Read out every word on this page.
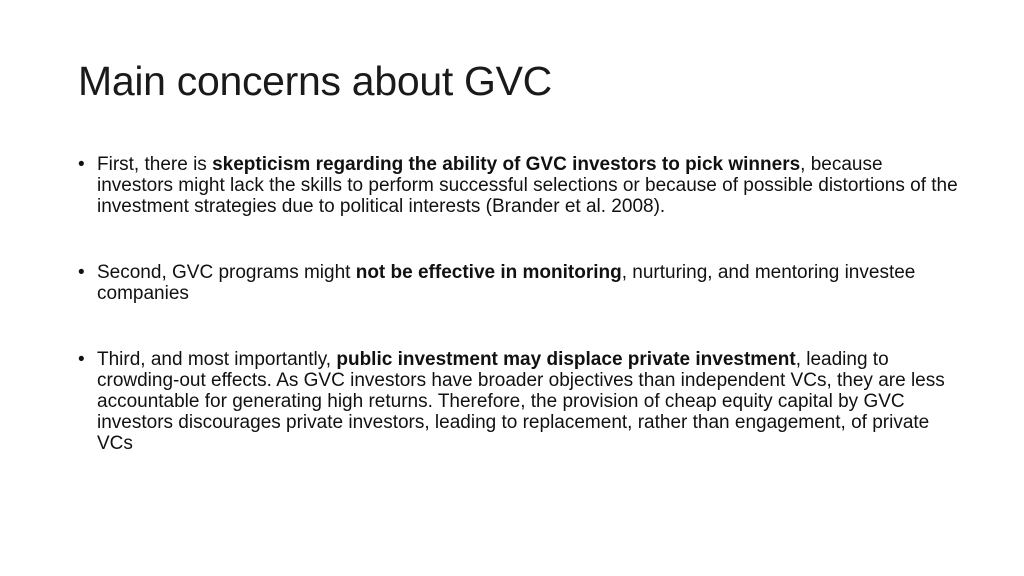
Main concerns about GVC
• First, there is skepticism regarding the ability of GVC investors to pick winners, because investors might lack the skills to perform successful selections or because of possible distortions of the investment strategies due to political interests (Brander et al. 2008).
• Second, GVC programs might not be effective in monitoring, nurturing, and mentoring investee companies
• Third, and most importantly, public investment may displace private investment, leading to crowding-out effects. As GVC investors have broader objectives than independent VCs, they are less accountable for generating high returns. Therefore, the provision of cheap equity capital by GVC investors discourages private investors, leading to replacement, rather than engagement, of private VCs
